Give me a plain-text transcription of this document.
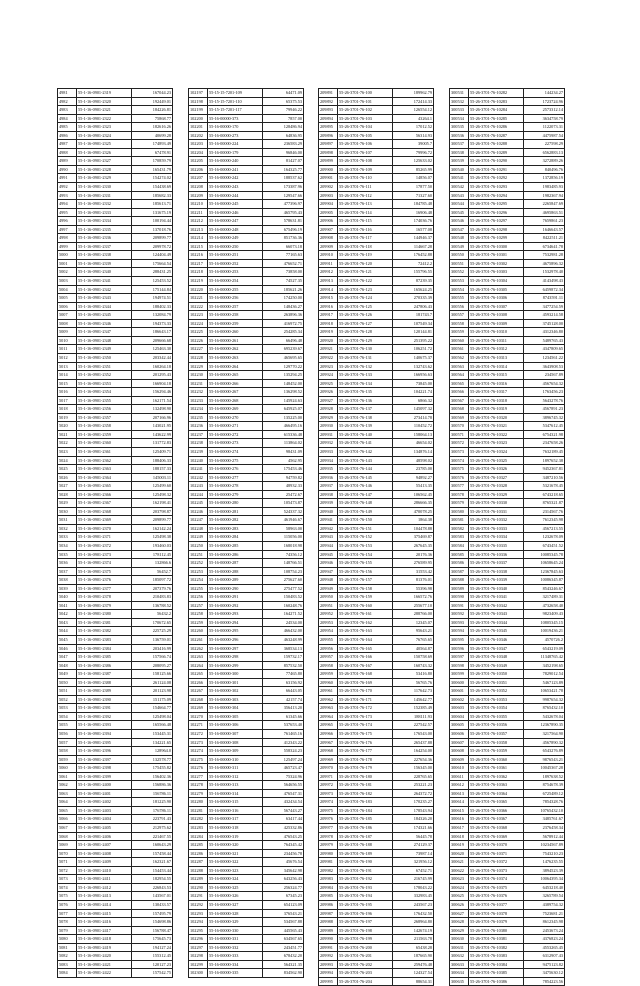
4981	55-1-16-0901-2319	167044.23
4982	55-1-16-0901-2320	192449.01
4983	55-1-16-0901-2321	184226.81
4984	55-1-16-0901-2322	75868.77
4985	55-1-16-0901-2323	182616.26
4986	55-1-16-0901-2324	40699.28
4987	55-1-16-0901-2325	174893.49
4988	55-1-16-0901-2326	67478.91
4989	55-1-16-0901-2327	170859.79
4990	55-1-16-0901-2328	165431.79
4991	55-1-16-0901-2329	154274.02
4992	55-1-16-0901-2330	154438.69
4993	55-1-16-0901-2331	185682.33
4994	55-1-16-0901-2332	185613.71
4995	55-1-16-0901-2333	131675.19
4996	55-1-16-0901-2334	100194.44
4997	55-1-16-0901-2335	137018.76
4998	55-1-16-0901-2336	209899.77
4999	55-1-16-0901-2337	209978.72
5000	55-1-16-0901-2338	124404.49
5001	55-1-16-0901-2339	175664.54
5002	55-1-16-0901-2340	288431.25
5003	55-1-16-0901-2341	125453.52
5004	55-1-16-0901-2342	175144.84
5005	55-1-16-0901-2343	194974.51
5006	55-1-16-0901-2344	188402.33
5007	55-1-16-0901-2345	132084.79
5008	55-1-16-0901-2346	194373.33
5009	55-1-16-0901-2347	186643.17
5010	55-1-16-0901-2348	209666.68
5011	55-1-16-0901-2349	125463.30
5012	55-1-16-0901-2350	203342.44
5013	55-1-16-0901-2351	160264.18
5014	55-1-16-0901-2352	201295.43
5015	55-1-16-0901-2353	166904.18
5016	55-1-16-0901-2354	156294.46
5017	55-1-16-0901-2355	162171.54
5018	55-1-16-0901-2356	132498.90
5019	55-1-16-0901-2357	207166.96
5020	55-1-16-0901-2358	143021.95
5021	55-1-16-0901-2359	143622.99
5022	55-1-16-0901-2360	131772.83
5023	55-1-16-0901-2361	125409.71
5024	55-1-16-0901-2362	188406.33
5025	55-1-16-0901-2363	188157.33
5026	55-1-16-0901-2364	145003.11
5027	55-1-16-0901-2365	125499.60
5028	55-1-16-0901-2366	125498.32
5029	55-1-16-0901-2367	162198.41
5030	55-1-16-0901-2368	203798.87
5031	55-1-16-0901-2369	209899.77
5032	55-1-16-0901-2370	162142.24
5033	55-1-16-0901-2371	125498.38
5034	55-1-16-0901-2372	193460.03
5035	55-1-16-0901-2373	178112.45
5036	55-1-16-0901-2374	132866.6
5037	55-1-16-0901-2375	56452.7
5038	55-1-16-0901-2376	185097.72
5039	55-1-16-0901-2377	207379.76
5040	55-1-16-0901-2378	210483.83
5041	55-1-16-0901-2379	136788.52
5042	55-1-16-0901-2380	56432.2
5043	55-1-16-0901-2381	170672.65
5044	55-1-16-0901-2382	225725.29
5045	55-1-16-0901-2383	136759.01
5046	55-1-16-0901-2384	203416.99
5047	55-1-16-0901-2385	157566.74
5048	55-1-16-0901-2386	208095.27
5049	55-1-16-0901-2387	158125.66
5050	55-1-16-0901-2388	261124.08
5051	55-1-16-0901-2389	201123.98
5052	55-1-16-0901-2390	151175.09
5053	55-1-16-0901-2391	154664.77
5054	55-1-16-0901-2392	125498.04
5055	55-1-16-0901-2393	165566.48
5056	55-1-16-0901-2394	153445.31
5057	55-1-16-0901-2395	134221.65
5058	55-1-16-0901-2396	128964.0
5059	55-1-16-0901-2397	132578.77
5060	55-1-16-0901-2398	175455.82
5061	55-1-16-0901-2399	156402.36
5062	55-1-16-0901-2400	156886.36
5063	55-1-16-0901-2401	156786.11
5064	55-1-16-0901-2402	181225.90
5065	55-1-16-0901-2403	176786.11
5066	55-1-16-0901-2404	223791.43
5067	55-1-16-0901-2405	212975.62
5068	55-1-16-0901-2406	221467.55
5069	55-1-16-0901-2407	160643.29
5070	55-1-16-0901-2408	157458.44
5071	55-1-16-0901-2409	162321.67
5072	55-1-16-0901-2410	154453.44
5073	55-1-16-0901-2411	182954.55
5074	55-1-16-0901-2412	226843.53
5075	55-1-16-0901-2413	143567.01
5076	55-1-16-0901-2414	130433.57
5077	55-1-16-0901-2415	157495.79
5078	55-1-16-0901-2416	154698.86
5079	55-1-16-0901-2417	156788.47
5080	55-1-16-0901-2418	175645.73
5081	55-1-16-0901-2419	194127.24
5082	55-1-16-0901-2420	155312.45
5083	55-1-16-0901-2421	120127.23
5084	55-1-16-0901-2422	157542.75
102197	55-15-15-7201-109	64471.09
102198	55-15-15-7201-110	65375.53
102199	55-15-15-7201-117	79946.22
102200	55-16-00000-373	7857.00
102201	55-16-00000-170	128486.94
102202	55-16-00000-273	64836.95
102203	55-16-00000-224	236583.29
102204	55-16-00000-179	96846.00
102205	55-16-00000-240	81427.07
102206	55-16-00000-241	164325.77
102207	55-16-00000-242	188537.62
102208	55-16-00000-243	173387.96
102209	55-16-00000-244	129547.66
102210	55-16-00000-245	477396.97
102211	55-16-00000-246	465795.43
102212	55-16-00000-247	578631.81
102213	55-16-00000-248	675496.19
102214	55-16-00000-249	851736.36
102215	55-16-00000-250	66073.18
102216	55-16-00000-251	77165.63
102217	55-16-00000-252	476652.71
102218	55-16-00000-253	73858.00
102219	55-16-00000-254	74527.35
102220	55-16-00000-255	185621.26
102221	55-16-00000-256	174250.00
102222	55-16-00000-257	148436.27
102223	55-16-00000-258	263896.36
102224	55-16-00000-259	416972.75
102225	55-16-00000-260	254285.34
102226	55-16-00000-261	66496.48
102227	55-16-00000-262	695239.67
102228	55-16-00000-263	465695.65
102229	55-16-00000-264	129770.22
102230	55-16-00000-265	135294.25
102231	55-16-00000-266	148452.00
102232	55-16-00000-267	136298.52
102233	55-16-00000-268	145924.63
102234	55-16-00000-269	645925.07
102235	55-16-00000-270	135225.00
102236	55-16-00000-271	466495.16
102237	55-16-00000-272	615336.48
102238	55-16-00000-273	113864.02
102239	55-16-00000-274	98431.09
102240	55-16-00000-275	4562.95
102241	55-16-00000-276	175453.46
102242	55-16-00000-277	94759.82
102243	55-16-00000-278	48932.33
102244	55-16-00000-279	25472.67
102245	55-16-00000-280	105473.87
102246	55-16-00000-281	524337.32
102247	55-16-00000-282	461946.67
102248	55-16-00000-283	58963.00
102249	55-16-00000-284	115056.00
102250	55-16-00000-285	168018.98
102251	55-16-00000-286	74356.12
102252	55-16-00000-287	148766.51
102253	55-16-00000-288	108754.23
102254	55-16-00000-289	275627.60
102255	55-16-00000-290	275477.52
102256	55-16-00000-291	150483.52
102257	55-16-00000-292	160248.76
102258	55-16-00000-293	164271.52
102259	55-16-00000-294	24534.00
102260	55-16-00000-295	466432.00
102261	55-16-00000-296	463248.99
102262	55-16-00000-297	368534.13
102263	55-16-00000-298	159732.17
102264	55-16-00000-299	857532.50
102265	55-16-00000-300	77465.80
102266	55-16-00000-301	63156.92
102267	55-16-00000-302	66443.05
102268	55-16-00000-303	42157.74
102269	55-16-00000-304	356413.20
102270	55-16-00000-305	61345.66
102271	55-16-00000-306	537653.40
102272	55-16-00000-307	761465.16
102273	55-16-00000-308	412343.22
102274	55-16-00000-309	558324.23
102275	55-16-00000-310	125497.24
102276	55-16-00000-311	465723.47
102277	55-16-00000-312	75324.96
102278	55-16-00000-313	564656.55
102279	55-16-00000-314	476547.31
102280	55-16-00000-315	432434.54
102281	55-16-00000-316	567443.27
102282	55-16-00000-317	63417.44
102283	55-16-00000-318	425332.86
102284	55-16-00000-319	476543.25
102285	55-16-00000-320	764345.42
102286	55-16-00000-321	234456.78
102287	55-16-00000-322	45676.54
102288	55-16-00000-323	345642.98
102289	55-16-00000-324	643256.43
102290	55-16-00000-325	256324.77
102291	55-16-00000-326	67345.23
102292	55-16-00000-327	654123.09
102293	55-16-00000-328	376543.21
102294	55-16-00000-329	534567.88
102295	55-16-00000-330	445565.43
102296	55-16-00000-331	634567.65
102297	55-16-00000-332	243451.77
102298	55-16-00000-333	678432.20
102299	55-16-00000-334	564321.35
102300	55-16-00000-335	834562.90
209891	55-26-3701-76-100	189962.79
209892	55-26-3701-76-101	172414.33
209893	55-26-3701-76-102	126554.12
209894	55-26-3701-76-103	43264.1
209895	55-26-3701-76-104	17012.52
209896	55-26-3701-76-105	56314.93
209897	55-26-3701-76-106	39005.7
209898	55-26-3701-76-107	79996.72
209899	55-26-3701-76-108	125633.02
209900	55-26-3701-76-109	85265.99
209901	55-26-3701-76-110	14856.07
209902	55-26-3701-76-111	17877.50
209903	55-26-3701-76-112	71327.60
209904	55-26-3701-76-113	184785.48
209905	55-26-3701-76-114	16906.48
209906	55-26-3701-76-115	174036.76
209907	55-26-3701-76-116	16577.08
209908	55-26-3701-76-117	144946.37
209909	55-26-3701-76-118	114667.28
209910	55-26-3701-76-119	176452.88
209911	55-26-3701-76-120	72412.2
209912	55-26-3701-76-121	155796.55
209913	55-26-3701-76-122	87239.35
209914	55-26-3701-76-123	165624.25
209915	55-26-3701-76-124	270335.39
209916	55-26-3701-76-125	247806.43
209917	55-26-3701-76-126	181743.7
209918	55-26-3701-76-127	107549.34
209919	55-26-3701-76-128	120144.81
209920	55-26-3701-76-129	251395.22
209921	55-26-3701-76-130	106251.72
209922	55-26-3701-76-131	140675.37
209923	55-26-3701-76-132	132743.62
209924	55-26-3701-76-133	166956.63
209925	55-26-3701-76-134	73845.00
209926	55-26-3701-76-135	104221.74
209927	55-26-3701-76-136	6866.32
209928	55-26-3701-76-137	145097.32
209929	55-26-3701-76-138	273414.78
209930	55-26-3701-76-139	110452.72
209931	55-26-3701-76-140	158064.13
209932	55-26-3701-76-141	46654.02
209933	55-26-3701-76-142	134876.14
209934	55-26-3701-76-143	48598.02
209935	55-26-3701-76-144	23785.00
209936	55-26-3701-76-145	94892.27
209937	55-26-3701-76-146	55413.35
209938	55-26-3701-76-147	106562.45
209939	55-26-3701-76-148	286666.35
209940	55-26-3701-76-149	470078.25
209941	55-26-3701-76-150	1864.38
209942	55-26-3701-76-151	104478.88
209943	55-26-3701-76-152	375469.87
209944	55-26-3701-76-153	267645.35
209945	55-26-3701-76-154	20176.36
209946	55-26-3701-76-155	276589.95
209947	55-26-3701-76-156	31553.42
209948	55-26-3701-76-157	81376.01
209949	55-26-3701-76-158	55396.98
209950	55-26-3701-76-159	166572.76
209951	55-26-3701-76-160	255677.10
209952	55-26-3701-76-161	288766.00
209953	55-26-3701-76-162	12345.07
209954	55-26-3701-76-163	95643.21
209955	55-26-3701-76-164	76765.65
209956	55-26-3701-76-165	40564.87
209957	55-26-3701-76-166	150758.69
209958	55-26-3701-76-167	160743.32
209959	55-26-3701-76-168	53416.80
209960	55-26-3701-76-169	56765.76
209961	55-26-3701-76-170	117642.73
209962	55-26-3701-76-171	145642.77
209963	55-26-3701-76-172	152385.49
209964	55-26-3701-76-173	188111.93
209965	55-26-3701-76-174	227542.57
209966	55-26-3701-76-175	176543.00
209967	55-26-3701-76-176	265437.88
209968	55-26-3701-76-177	164254.00
209969	55-26-3701-76-178	227654.36
209970	55-26-3701-76-179	156345.00
209971	55-26-3701-76-180	228765.65
209972	55-26-3701-76-181	253221.23
209973	55-26-3701-76-182	264372.72
209974	55-26-3701-76-183	170235.27
209975	55-26-3701-76-184	178543.94
209976	55-26-3701-76-185	184326.20
209977	55-26-3701-76-186	174321.66
209978	55-26-3701-76-187	56445.78
209979	55-26-3701-76-188	274129.37
209980	55-26-3701-76-189	73987.14
209981	55-26-3701-76-190	321956.12
209982	55-26-3701-76-191	67452.71
209983	55-26-3701-76-192	216745.99
209984	55-26-3701-76-193	178043.22
209985	55-26-3701-76-194	332983.45
209986	55-26-3701-76-195	243567.23
209987	55-26-3701-76-196	176432.50
209988	55-26-3701-76-197	268964.80
209989	55-26-3701-76-198	142674.19
209990	55-26-3701-76-199	211563.78
209991	55-26-3701-76-200	65438.28
209992	55-26-3701-76-201	187665.90
209993	55-26-3701-76-202	259476.48
209994	55-26-3701-76-203	124327.54
209995	55-26-3701-76-204	88654.31
300531	55-26-3701-76-10282	144234.27
300532	55-26-3701-76-10283	1723724.96
300533	55-26-3701-76-10284	2573312.14
300534	55-26-3701-76-10285	3634758.79
300535	55-26-3701-76-10286	1122073.31
300536	55-26-3701-76-10287	4475987.54
300537	55-26-3701-76-10288	227598.29
300538	55-26-3701-76-10289	6562883.13
300539	55-26-3701-76-10290	3272889.26
300540	55-26-3701-76-10291	840496.76
300541	55-26-3701-76-10292	1372856.19
300542	55-26-3701-76-10293	1983485.93
300543	55-26-3701-76-10294	1982367.94
300544	55-26-3701-76-10295	2265847.69
300545	55-26-3701-76-10296	4695863.51
300546	55-26-3701-76-10297	7659861.23
300547	55-26-3701-76-10298	1646643.57
300548	55-26-3701-76-10299	8422511.21
300549	55-26-3701-76-10300	6734641.78
300550	55-26-3701-76-10301	7532981.28
300551	55-26-3701-76-10302	4675896.32
300552	55-26-3701-76-10303	1532978.40
300553	55-26-3701-76-10304	4143498.43
300554	55-26-3701-76-10305	6459872.34
300555	55-26-3701-76-10306	8743591.11
300556	55-26-3701-76-10307	3477254.59
300557	55-26-3701-76-10308	4593214.58
300558	55-26-3701-76-10309	3745128.00
300559	55-26-3701-76-10310	4312346.80
300560	55-26-3701-76-10311	5489765.43
300561	55-26-3701-76-10312	4347809.65
300562	55-26-3701-76-10313	1234561.22
300563	55-26-3701-76-10314	3643908.53
300564	55-26-3701-76-10315	234567.89
300565	55-26-3701-76-10316	4567654.32
300566	55-26-3701-76-10317	1763456.23
300567	55-26-3701-76-10318	5643278.76
300568	55-26-3701-76-10319	4567891.23
300569	55-26-3701-76-10320	3896745.32
300570	55-26-3701-76-10321	5347612.45
300571	55-26-3701-76-10322	6754321.98
300572	55-26-3701-76-10323	2347658.26
300573	55-26-3701-76-10324	7632189.45
300574	55-26-3701-76-10325	1897652.38
300575	55-26-3701-76-10326	9452367.81
300576	55-26-3701-76-10327	3487210.56
300577	55-26-3701-76-10328	5321678.45
300578	55-26-3701-76-10329	6743218.65
300579	55-26-3701-76-10330	8765321.87
300580	55-26-3701-76-10331	2314567.76
300581	55-26-3701-76-10332	7612345.98
300582	55-26-3701-76-10333	4567213.55
300583	55-26-3701-76-10334	1232678.09
300584	55-26-3701-76-10335	6743451.52
300585	55-26-3701-76-10336	10085345.78
300586	55-26-3701-76-10337	10658645.24
300587	55-26-3701-76-10338	12367845.63
300588	55-26-3701-76-10339	10086345.87
300589	55-26-3701-76-10340	8543246.67
300590	55-26-3701-76-10341	3217489.31
300591	55-26-3701-76-10342	4732658.40
300592	55-26-3701-76-10343	9823409.43
300593	55-26-3701-76-10344	10805345.15
300594	55-26-3701-76-10345	10019436.21
300595	55-26-3701-76-10346	4570726.2
300596	55-26-3701-76-10347	6543219.09
300597	55-26-3701-76-10348	11348765.42
300598	55-26-3701-76-10349	3452198.65
300599	55-26-3701-76-10350	7829012.54
300600	55-26-3701-76-10351	5467123.89
300601	55-26-3701-76-10352	10653421.78
300602	55-26-3701-76-10353	9987654.32
300603	55-26-3701-76-10354	8765432.10
300604	55-26-3701-76-10355	5432678.04
300605	55-26-3701-76-10356	12367890.35
300606	55-26-3701-76-10357	3217564.90
300607	55-26-3701-76-10358	4567890.32
300608	55-26-3701-76-10359	6543276.89
300609	55-26-3701-76-10360	9876543.21
300610	55-26-3701-76-10361	10045367.28
300611	55-26-3701-76-10362	1897638.52
300612	55-26-3701-76-10363	8754678.39
300613	55-26-3701-76-10364	6725489.12
300614	55-26-3701-76-10365	7854328.76
300615	55-26-3701-76-10366	10765432.10
300616	55-26-3701-76-10367	3485761.67
300617	55-26-3701-76-10368	2376458.34
300618	55-26-3701-76-10369	5678912.44
300619	55-26-3701-76-10370	10234567.89
300620	55-26-3701-76-10371	7543210.23
300621	55-26-3701-76-10372	1476235.55
300622	55-26-3701-76-10373	3894523.39
300623	55-26-3701-76-10374	10064395.34
300624	55-26-3701-76-10375	6453218.40
300625	55-26-3701-76-10376	3265789.54
300626	55-26-3701-76-10377	4389754.32
300627	55-26-3701-76-10378	7523681.21
300628	55-26-3701-76-10379	8612345.98
300629	55-26-3701-76-10380	2453673.24
300630	55-26-3701-76-10381	4376823.24
300631	55-26-3701-76-10382	4553265.45
300632	55-26-3701-76-10383	6312907.43
300633	55-26-3701-76-10384	9475123.82
300634	55-26-3701-76-10385	3475630.12
300635	55-26-3701-76-10386	7854223.56
